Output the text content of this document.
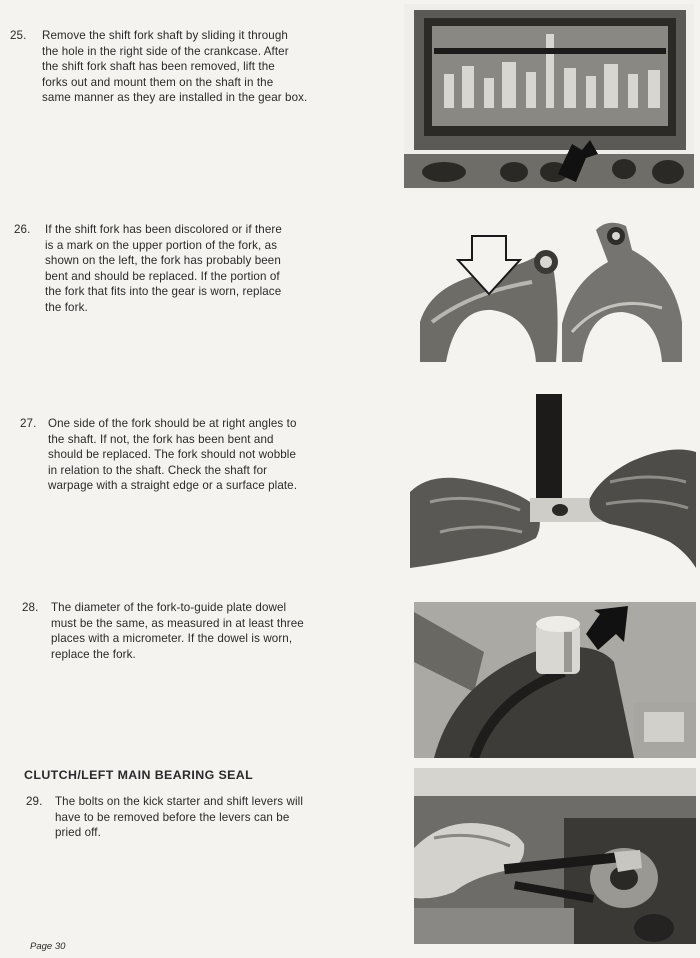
25. Remove the shift fork shaft by sliding it through
the hole in the right side of the crankcase. After
the shift fork shaft has been removed, lift the
forks out and mount them on the shaft in the
same manner as they are installed in the gear box.
26. If the shift fork has been discolored or if there
is a mark on the upper portion of the fork, as
shown on the left, the fork has probably been
bent and should be replaced. If the portion of
the fork that fits into the gear is worn, replace
the fork.
27. One side of the fork should be at right angles to
the shaft. If not, the fork has been bent and
should be replaced. The fork should not wobble
in relation to the shaft. Check the shaft for
warpage with a straight edge or a surface plate.
28. The diameter of the fork-to-guide plate dowel
must be the same, as measured in at least three
places with a micrometer. If the dowel is worn,
replace the fork.
CLUTCH/LEFT MAIN BEARING SEAL
29. The bolts on the kick starter and shift levers will
have to be removed before the levers can be
pried off.
Page 30
